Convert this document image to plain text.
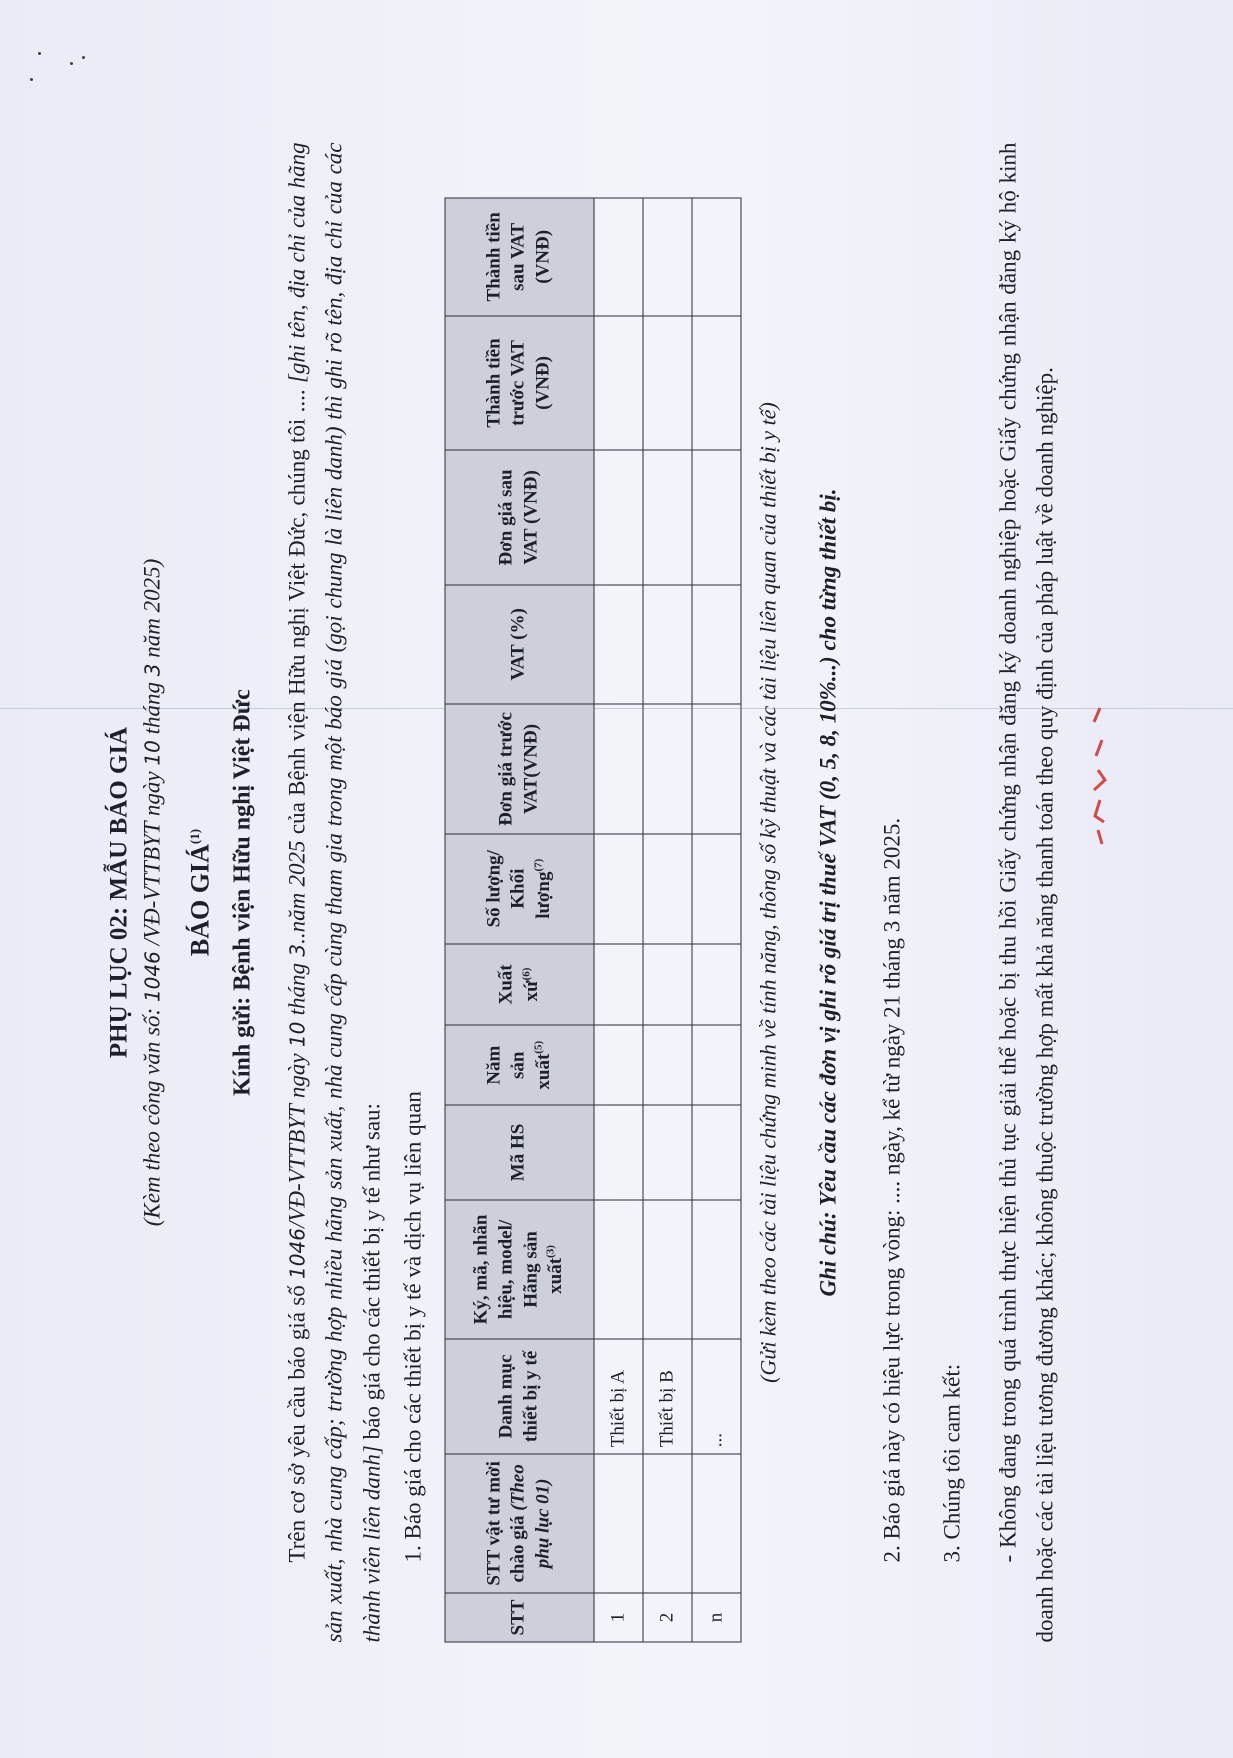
PHỤ LỤC 02: MẪU BÁO GIÁ

(Kèm theo công văn số: 1046 /VĐ-VTTBYT ngày 10 tháng 3 năm 2025)

BÁO GIÁ$^{(1)}$	Kính gửi: Bệnh viện Hữu nghị Việt Đức

Trên cơ sở yêu cầu báo giá số 1046/VĐ-VTTBYT ngày 10 tháng 3..năm 2025 của Bệnh viện Hữu nghị Việt Đức, chúng tôi .... [ghi tên, địa chỉ của hãng sản xuất, nhà cung cấp; trường hợp nhiều hãng sản xuất, nhà cung cấp cùng tham gia trong một báo giá (gọi chung là liên danh) thì ghi rõ tên, địa chỉ của các thành viên liên danh] báo giá cho các thiết bị y tế như sau: 1. Báo giá cho các thiết bị y tế và dịch vụ liên quan

STT	STT vật tư mời chào giá (Theo phụ lục 01)	Danh mục thiết bị y tế	Ký, mã, nhãn hiệu, model/ Hãng sản xuất$^{(3)}$	Mã HS	Năm sản xuất$^{(5)}$	Xuất xứ$^{(6)}$	Số lượng/ Khối lượng$^{(7)}$	Đơn giá trước VAT(VNĐ)	VAT (%)	Đơn giá sau VAT (VNĐ)	Thành tiền trước VAT (VNĐ)	Thành tiền sau VAT (VNĐ)
1		Thiết bị A										
2		Thiết bị B										
n		...										

(Gửi kèm theo các tài liệu chứng minh về tính năng, thông số kỹ thuật và các tài liệu liên quan của thiết bị y tế) Ghi chú: Yêu cầu các đơn vị ghi rõ giá trị thuế VAT (0, 5, 8, 10%...) cho từng thiết bị. 2. Báo giá này có hiệu lực trong vòng: .... ngày, kể từ ngày 21 tháng 3 năm 2025. 3. Chúng tôi cam kết: - Không đang trong quá trình thực hiện thủ tục giải thể hoặc bị thu hồi Giấy chứng nhận đăng ký doanh nghiệp hoặc Giấy chứng nhận đăng ký hộ kinh doanh hoặc các tài liệu tương đương khác; không thuộc trường hợp mất khả năng thanh toán theo quy định của pháp luật về doanh nghiệp.
